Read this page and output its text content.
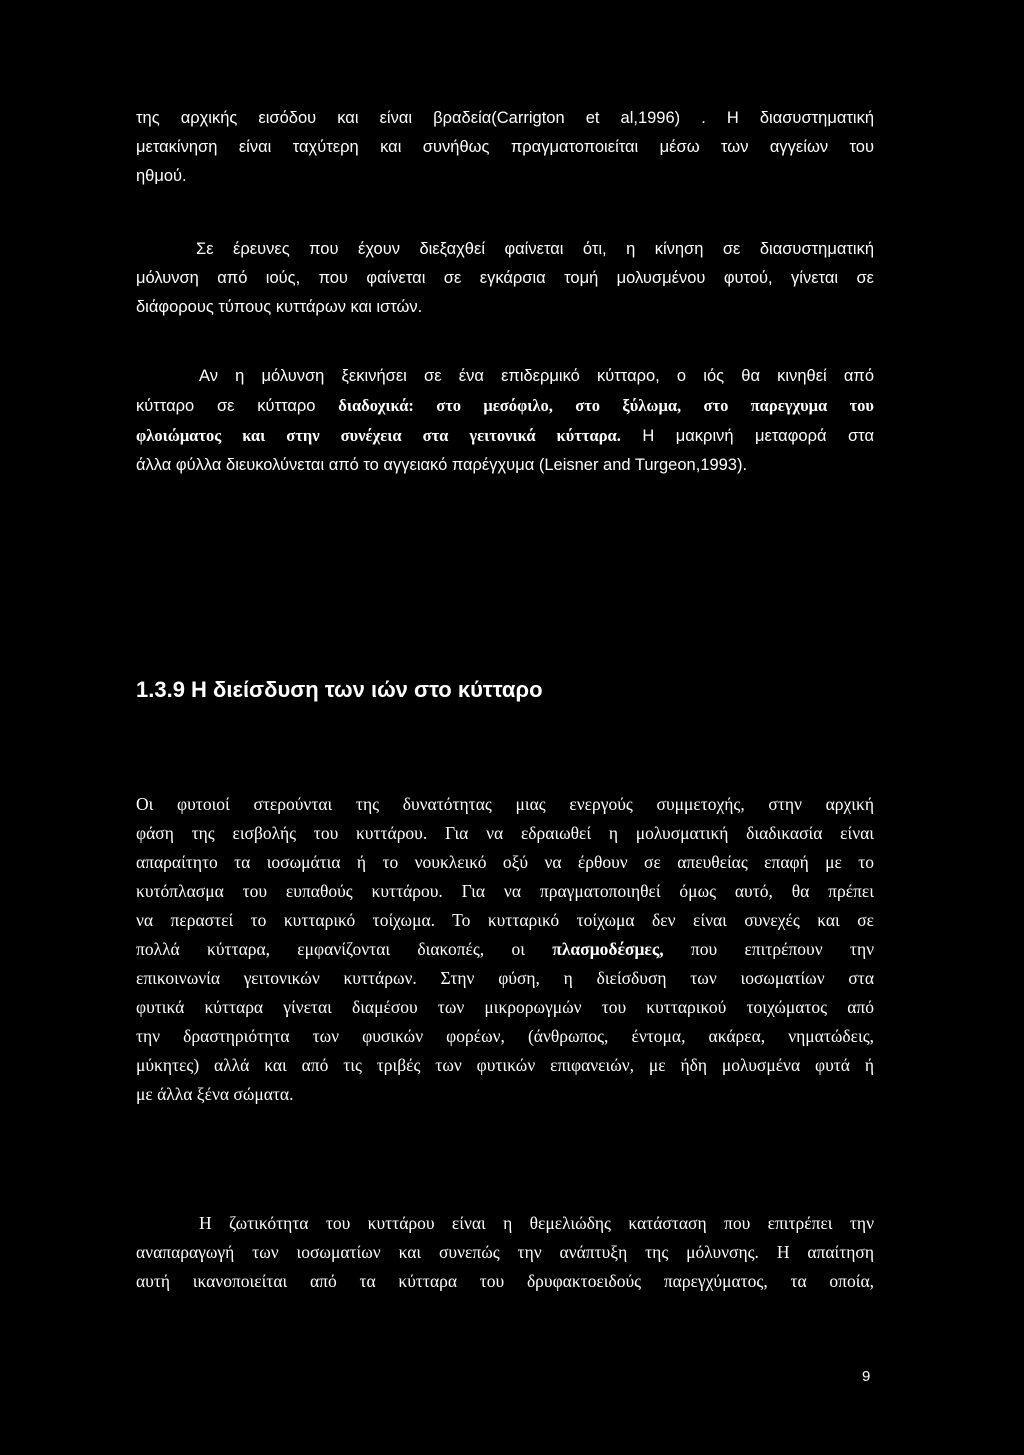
της αρχικής εισόδου και είναι βραδεία(Carrigton et al,1996) . Η διασυστηματική
μετακίνηση είναι ταχύτερη και συνήθως πραγματοποιείται μέσω των αγγείων του
ηθμού.

Σε έρευνες που έχουν διεξαχθεί φαίνεται ότι, η κίνηση σε διασυστηματική
μόλυνση από ιούς, που φαίνεται σε εγκάρσια τομή μολυσμένου φυτού, γίνεται σε
διάφορους τύπους κυττάρων και ιστών.

Αν η μόλυνση ξεκινήσει σε ένα επιδερμικό κύτταρο, ο ιός θα κινηθεί από
κύτταρο σε κύτταρο διαδοχικά: στο μεσόφιλο, στο ξύλωμα, στο παρεγχυμα του
φλοιώματος και στην συνέχεια στα γειτονικά κύτταρα. Η μακρινή μεταφορά στα
άλλα φύλλα διευκολύνεται από το αγγειακό παρέγχυμα (Leisner and Turgeon,1993).

1.3.9 Η διείσδυση των ιών στο κύτταρο

Οι φυτοιοί στερούνται της δυνατότητας μιας ενεργούς συμμετοχής, στην αρχική
φάση της εισβολής του κυττάρου. Για να εδραιωθεί η μολυσματική διαδικασία είναι
απαραίτητο τα ιοσωμάτια ή το νουκλεικό οξύ να έρθουν σε απευθείας επαφή με το
κυτόπλασμα του ευπαθούς κυττάρου. Για να πραγματοποιηθεί όμως αυτό, θα πρέπει
να περαστεί το κυτταρικό τοίχωμα. Το κυτταρικό τοίχωμα δεν είναι συνεχές και σε
πολλά κύτταρα, εμφανίζονται διακοπές, οι πλασμοδέσμες, που επιτρέπουν την
επικοινωνία γειτονικών κυττάρων. Στην φύση, η διείσδυση των ιοσωματίων στα
φυτικά κύτταρα γίνεται διαμέσου των μικρορωγμών του κυτταρικού τοιχώματος από
την δραστηριότητα των φυσικών φορέων, (άνθρωπος, έντομα, ακάρεα, νηματώδεις,
μύκητες) αλλά και από τις τριβές των φυτικών επιφανειών, με ήδη μολυσμένα φυτά ή
με άλλα ξένα σώματα.

Η ζωτικότητα του κυττάρου είναι η θεμελιώδης κατάσταση που επιτρέπει την
αναπαραγωγή των ιοσωματίων και συνεπώς την ανάπτυξη της μόλυνσης. Η απαίτηση
αυτή ικανοποιείται από τα κύτταρα του δρυφακτοειδούς παρεγχύματος, τα οποία,

9
